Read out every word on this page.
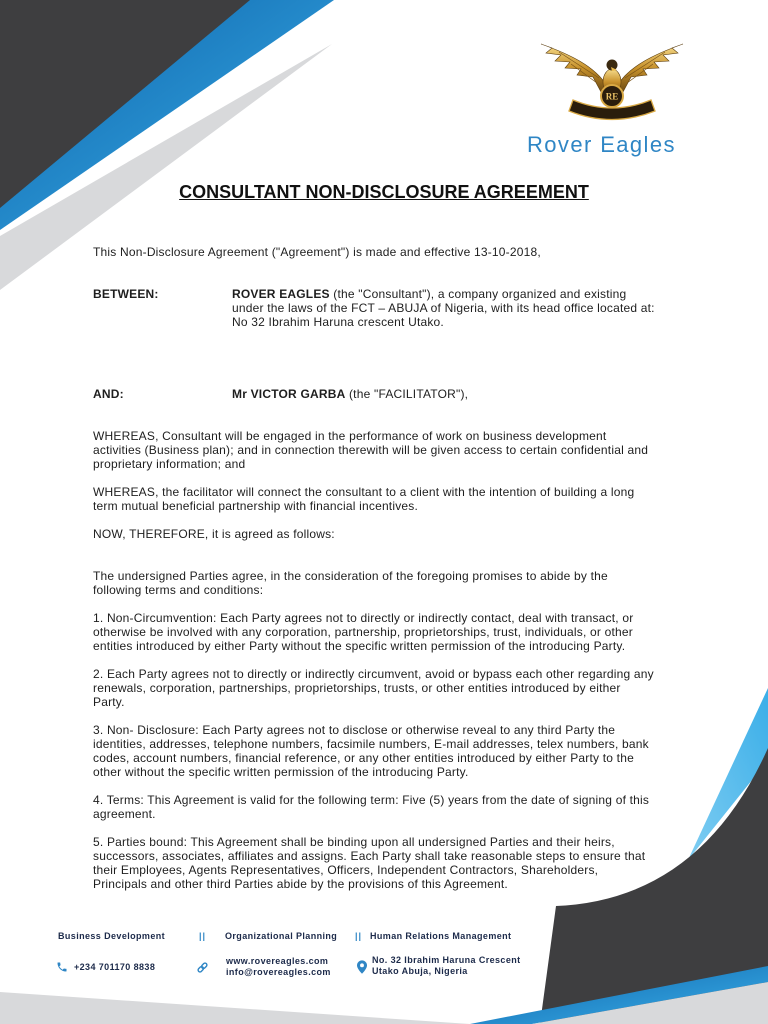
RE
Rover Eagles
CONSULTANT NON-DISCLOSURE AGREEMENT
This Non-Disclosure Agreement ("Agreement") is made and effective 13-10-2018,
BETWEEN:	ROVER EAGLES (the "Consultant"), a company organized and existing
under the laws of the FCT – ABUJA of Nigeria, with its head office located at:
No 32 Ibrahim Haruna crescent Utako.
AND:	Mr VICTOR GARBA (the "FACILITATOR"),
WHEREAS, Consultant will be engaged in the performance of work on business development
activities (Business plan); and in connection therewith will be given access to certain confidential and
proprietary information; and
WHEREAS, the facilitator will connect the consultant to a client with the intention of building a long
term mutual beneficial partnership with financial incentives.
NOW, THEREFORE, it is agreed as follows:
The undersigned Parties agree, in the consideration of the foregoing promises to abide by the
following terms and conditions:
1. Non-Circumvention: Each Party agrees not to directly or indirectly contact, deal with transact, or
otherwise be involved with any corporation, partnership, proprietorships, trust, individuals, or other
entities introduced by either Party without the specific written permission of the introducing Party.
2. Each Party agrees not to directly or indirectly circumvent, avoid or bypass each other regarding any
renewals, corporation, partnerships, proprietorships, trusts, or other entities introduced by either
Party.
3. Non- Disclosure: Each Party agrees not to disclose or otherwise reveal to any third Party the
identities, addresses, telephone numbers, facsimile numbers, E-mail addresses, telex numbers, bank
codes, account numbers, financial reference, or any other entities introduced by either Party to the
other without the specific written permission of the introducing Party.
4. Terms: This Agreement is valid for the following term: Five (5) years from the date of signing of this
agreement.
5. Parties bound: This Agreement shall be binding upon all undersigned Parties and their heirs,
successors, associates, affiliates and assigns. Each Party shall take reasonable steps to ensure that
their Employees, Agents Representatives, Officers, Independent Contractors, Shareholders,
Principals and other third Parties abide by the provisions of this Agreement.
Business Development	|| Organizational Planning || Human Relations Management
+234 701170 8838
www.rovereagles.com
info@rovereagles.com
No. 32 Ibrahim Haruna Crescent
Utako Abuja, Nigeria
